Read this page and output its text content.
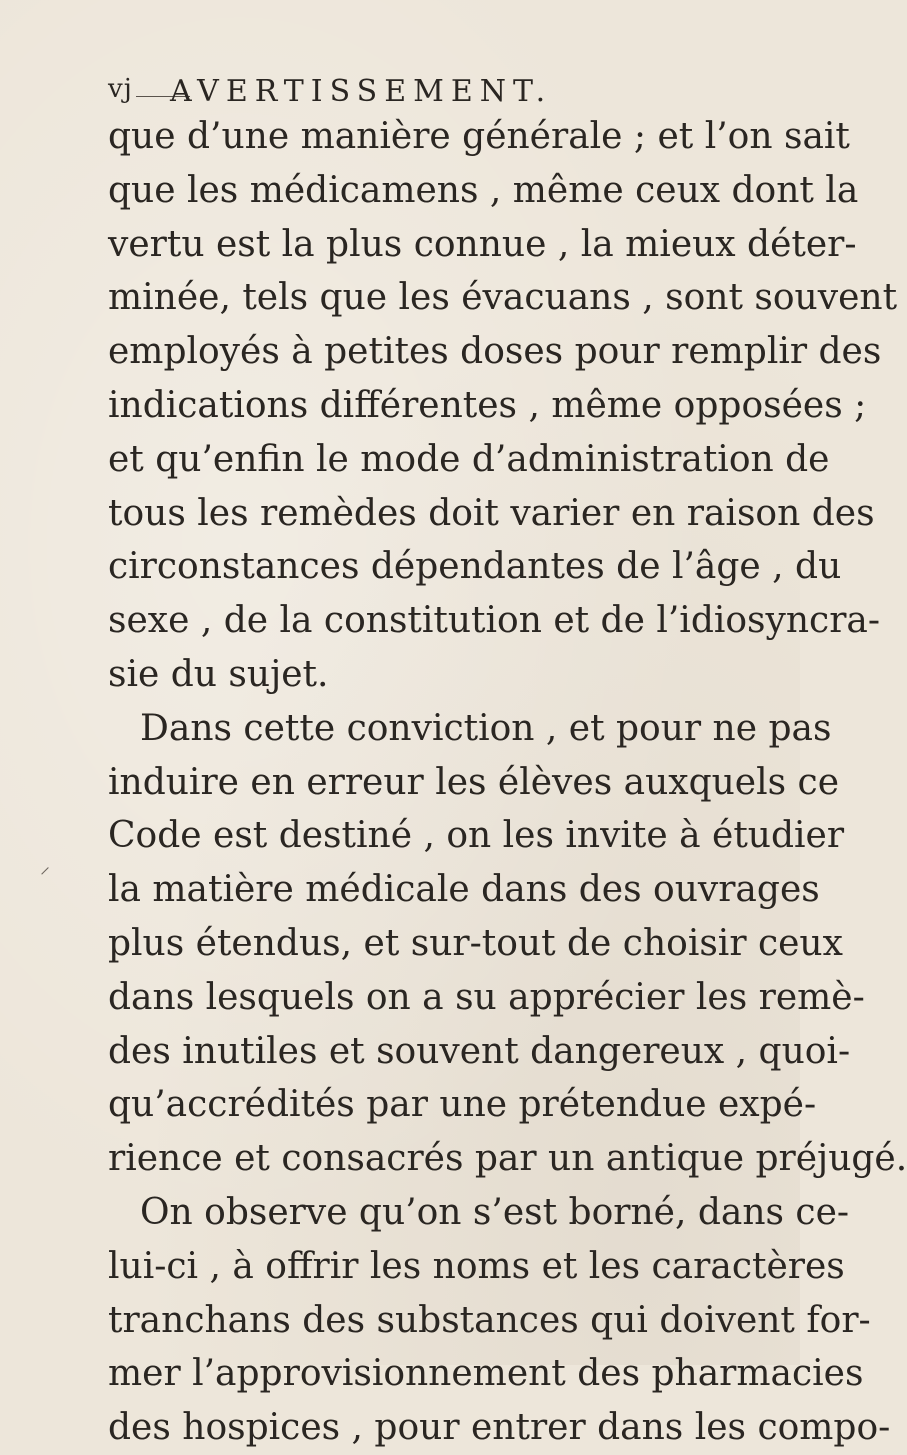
vj AVERTISSEMENT.
⸝
que d’une manière générale ; et l’on sait
que les médicamens , même ceux dont la
vertu est la plus connue , la mieux déter-
minée, tels que les évacuans , sont souvent
employés à petites doses pour remplir des
indications différentes , même opposées ;
et qu’enfin le mode d’administration de
tous les remèdes doit varier en raison des
circonstances dépendantes de l’âge , du
sexe , de la constitution et de l’idiosyncra-
sie du sujet.
Dans cette conviction , et pour ne pas
induire en erreur les élèves auxquels ce
Code est destiné , on les invite à étudier
la matière médicale dans des ouvrages
plus étendus, et sur-tout de choisir ceux
dans lesquels on a su apprécier les remè-
des inutiles et souvent dangereux , quoi-
qu’accrédités par une prétendue expé-
rience et consacrés par un antique préjugé.
On observe qu’on s’est borné, dans ce-
lui-ci , à offrir les noms et les caractères
tranchans des substances qui doivent for-
mer l’approvisionnement des pharmacies
des hospices , pour entrer dans les compo-
